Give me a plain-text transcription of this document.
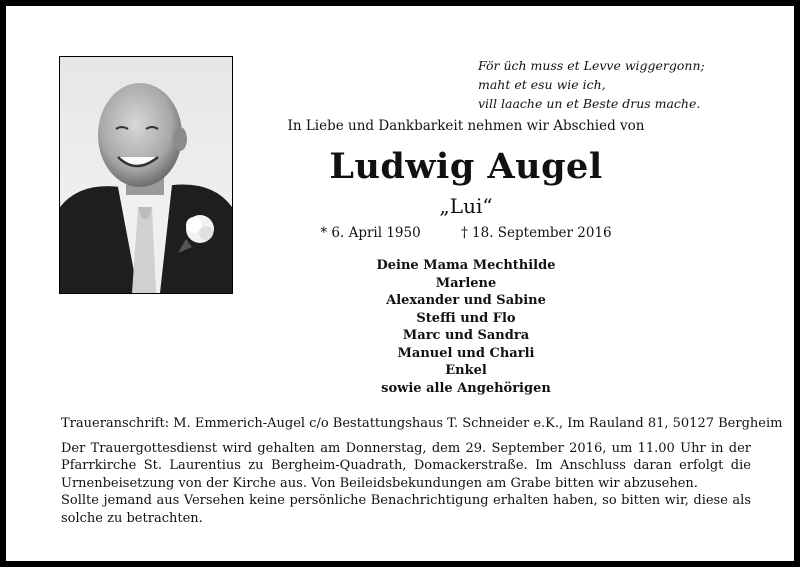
För üch muss et Levve wiggergonn;
maht et esu wie ich,
vill laache un et Beste drus mache.
In Liebe und Dankbarkeit nehmen wir Abschied von
Ludwig Augel
„Lui“
* 6. April 1950	† 18. September 2016
Deine Mama Mechthilde
Marlene
Alexander und Sabine
Steffi und Flo
Marc und Sandra
Manuel und Charli
Enkel
sowie alle Angehörigen
Traueranschrift: M. Emmerich-Augel c/o Bestattungshaus T. Schneider e.K., Im Rauland 81, 50127 Bergheim
Der Trauergottesdienst wird gehalten am Donnerstag, dem 29. September 2016, um 11.00 Uhr in der Pfarrkirche St. Laurentius zu Bergheim-Quadrath, Domackerstraße. Im Anschluss daran erfolgt die Urnenbeisetzung von der Kirche aus. Von Beileidsbekundungen am Grabe bitten wir abzusehen.
Sollte jemand aus Versehen keine persönliche Benachrichtigung erhalten haben, so bitten wir, diese als solche zu betrachten.
